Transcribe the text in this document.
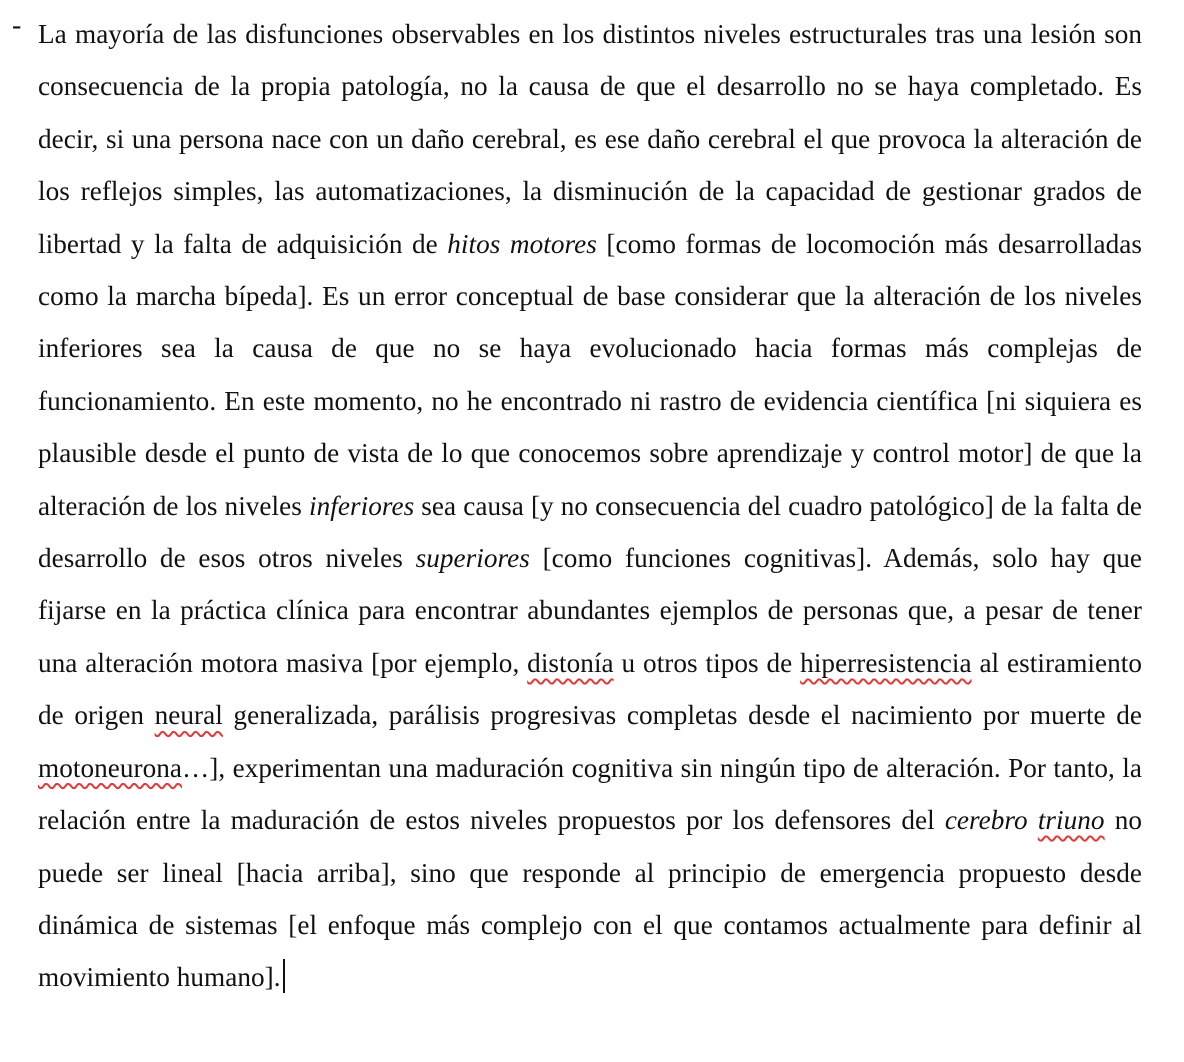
- La mayoría de las disfunciones observables en los distintos niveles estructurales tras una lesión son consecuencia de la propia patología, no la causa de que el desarrollo no se haya completado. Es decir, si una persona nace con un daño cerebral, es ese daño cerebral el que provoca la alteración de los reflejos simples, las automatizaciones, la disminución de la capacidad de gestionar grados de libertad y la falta de adquisición de hitos motores [como formas de locomoción más desarrolladas como la marcha bípeda]. Es un error conceptual de base considerar que la alteración de los niveles inferiores sea la causa de que no se haya evolucionado hacia formas más complejas de funcionamiento. En este momento, no he encontrado ni rastro de evidencia científica [ni siquiera es plausible desde el punto de vista de lo que conocemos sobre aprendizaje y control motor] de que la alteración de los niveles inferiores sea causa [y no consecuencia del cuadro patológico] de la falta de desarrollo de esos otros niveles superiores [como funciones cognitivas]. Además, solo hay que fijarse en la práctica clínica para encontrar abundantes ejemplos de personas que, a pesar de tener una alteración motora masiva [por ejemplo, distonía u otros tipos de hiperresistencia al estiramiento de origen neural generalizada, parálisis progresivas completas desde el nacimiento por muerte de motoneurona…], experimentan una maduración cognitiva sin ningún tipo de alteración. Por tanto, la relación entre la maduración de estos niveles propuestos por los defensores del cerebro triuno no puede ser lineal [hacia arriba], sino que responde al principio de emergencia propuesto desde dinámica de sistemas [el enfoque más complejo con el que contamos actualmente para definir al movimiento humano].
